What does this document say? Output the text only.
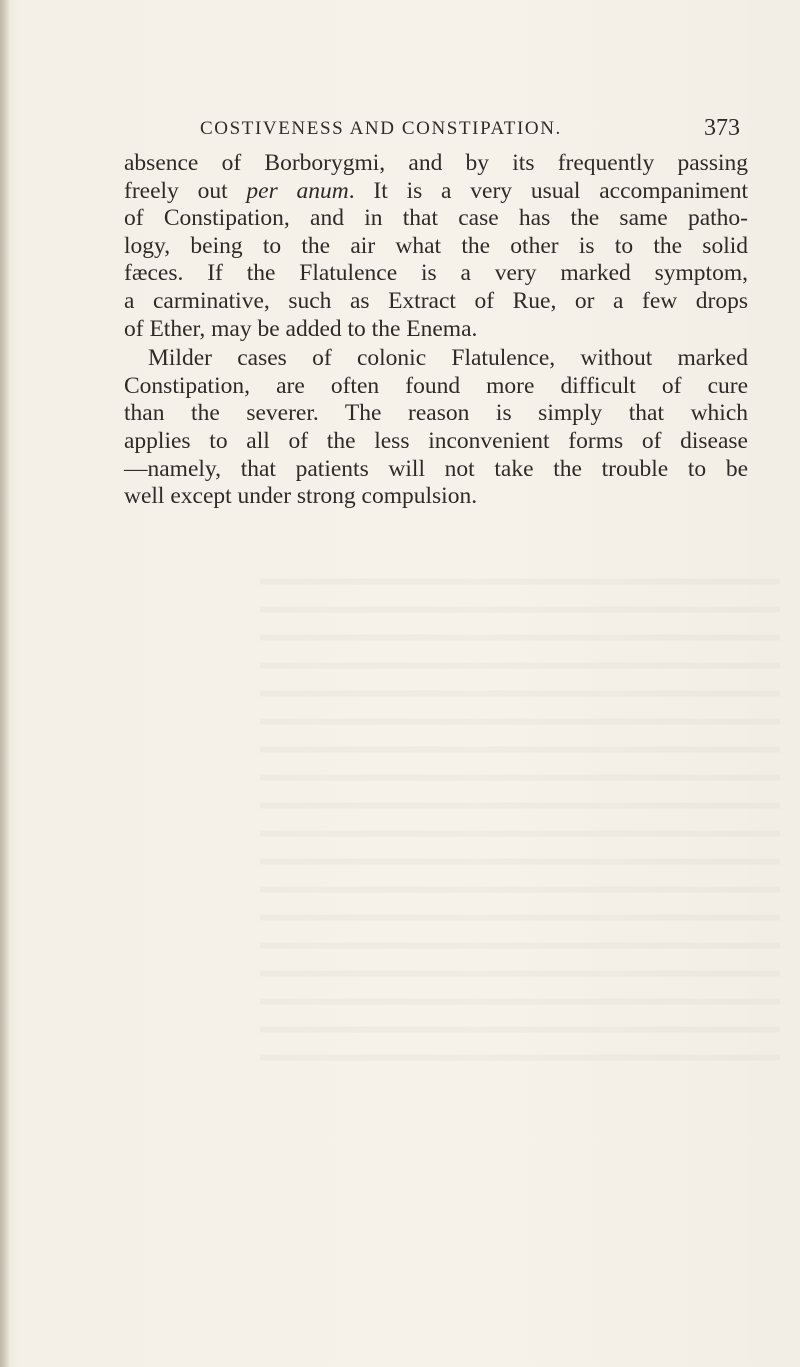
COSTIVENESS AND CONSTIPATION.	373
absence of Borborygmi, and by its frequently passing
freely out per anum. It is a very usual accompaniment
of Constipation, and in that case has the same patho-
logy, being to the air what the other is to the solid
fæces. If the Flatulence is a very marked symptom,
a carminative, such as Extract of Rue, or a few drops
of Ether, may be added to the Enema.
Milder cases of colonic Flatulence, without marked
Constipation, are often found more difficult of cure
than the severer. The reason is simply that which
applies to all of the less inconvenient forms of disease
—namely, that patients will not take the trouble to be
well except under strong compulsion.
